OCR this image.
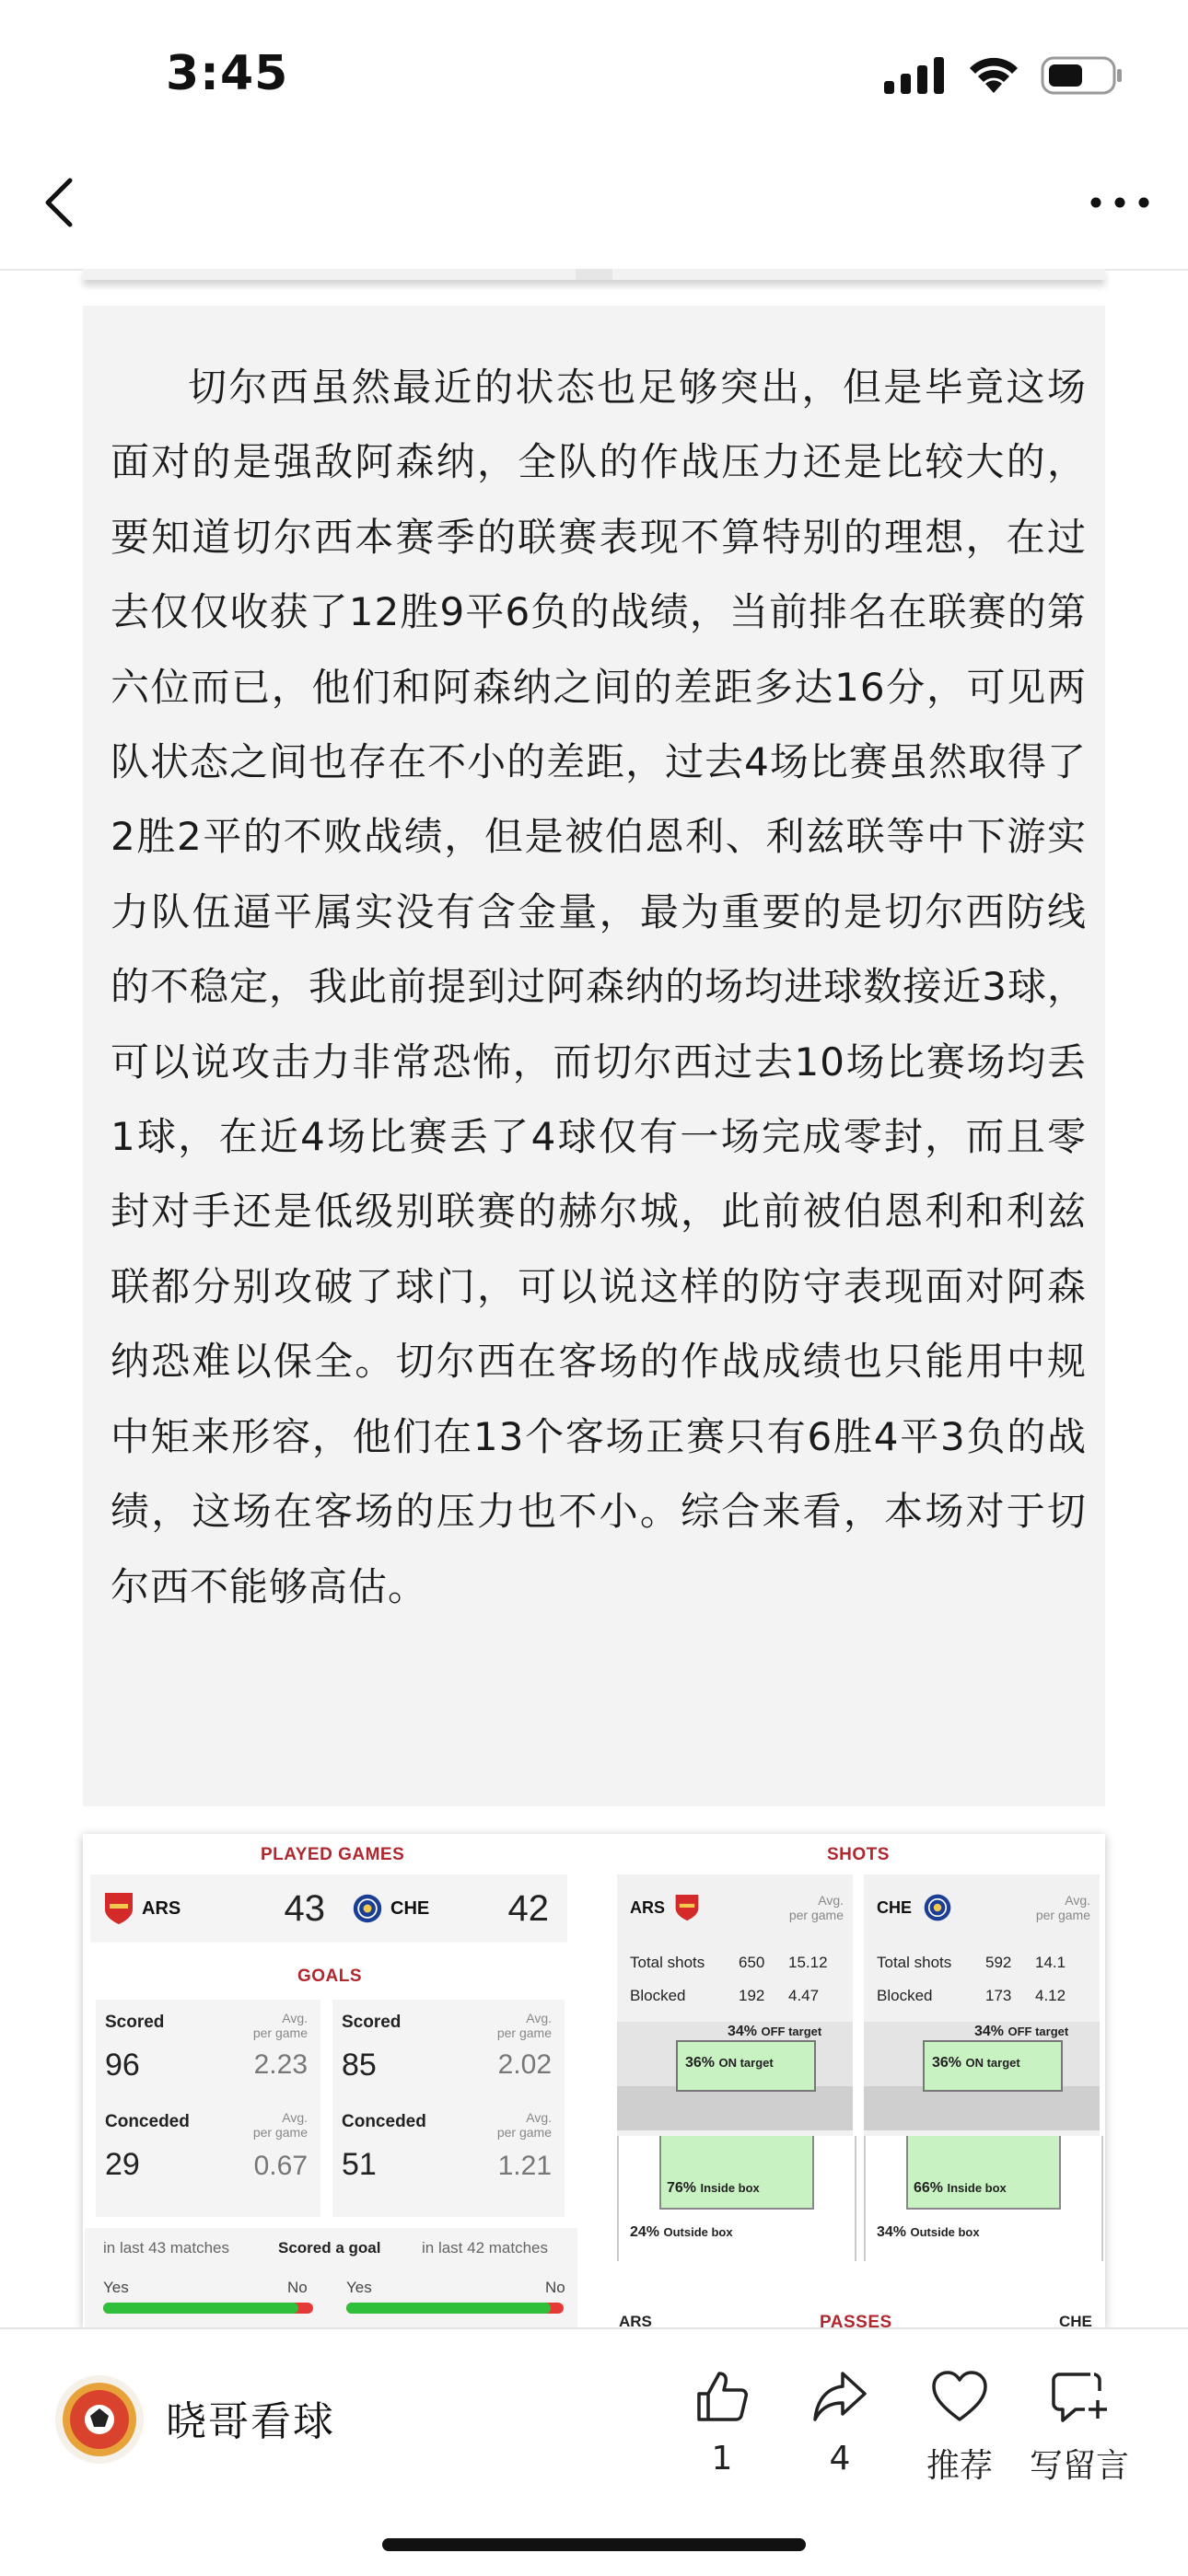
3:45

切尔西虽然最近的状态也足够突出，但是毕竟这场面对的是强敌阿森纳，全队的作战压力还是比较大的，要知道切尔西本赛季的联赛表现不算特别的理想，在过去仅仅收获了12胜9平6负的战绩，当前排名在联赛的第六位而已，他们和阿森纳之间的差距多达16分，可见两队状态之间也存在不小的差距，过去4场比赛虽然取得了2胜2平的不败战绩，但是被伯恩利、利兹联等中下游实力队伍逼平属实没有含金量，最为重要的是切尔西防线的不稳定，我此前提到过阿森纳的场均进球数接近3球，可以说攻击力非常恐怖，而切尔西过去10场比赛场均丢1球，在近4场比赛丢了4球仅有一场完成零封，而且零封对手还是低级别联赛的赫尔城，此前被伯恩利和利兹联都分别攻破了球门，可以说这样的防守表现面对阿森纳恐难以保全。切尔西在客场的作战成绩也只能用中规中矩来形容，他们在13个客场正赛只有6胜4平3负的战绩，这场在客场的压力也不小。综合来看，本场对于切尔西不能够高估。

PLAYED GAMES
ARS	43	CHE 42
GOALS
Scored	Avg.
per game
96	2.23
Conceded	Avg.
per game
29	0.67
Scored	Avg.
per game
85	2.02
Conceded	Avg.
per game
51	1.21
in last 43 matches	Scored a goal	in last 42 matches
Yes	No Yes	No
SHOTS
ARS	Avg.
per game
Total shots 650 15.12
Blocked	192 4.47
34% OFF target
36% ON target
76% Inside box
24% Outside box
CHE	Avg.
per game
Total shots 592 14.1
Blocked	173 4.12
34% OFF target
36% ON target
66% Inside box
34% Outside box
PASSES
ARS	CHE
晓哥看球
1	4	推荐	写留言
